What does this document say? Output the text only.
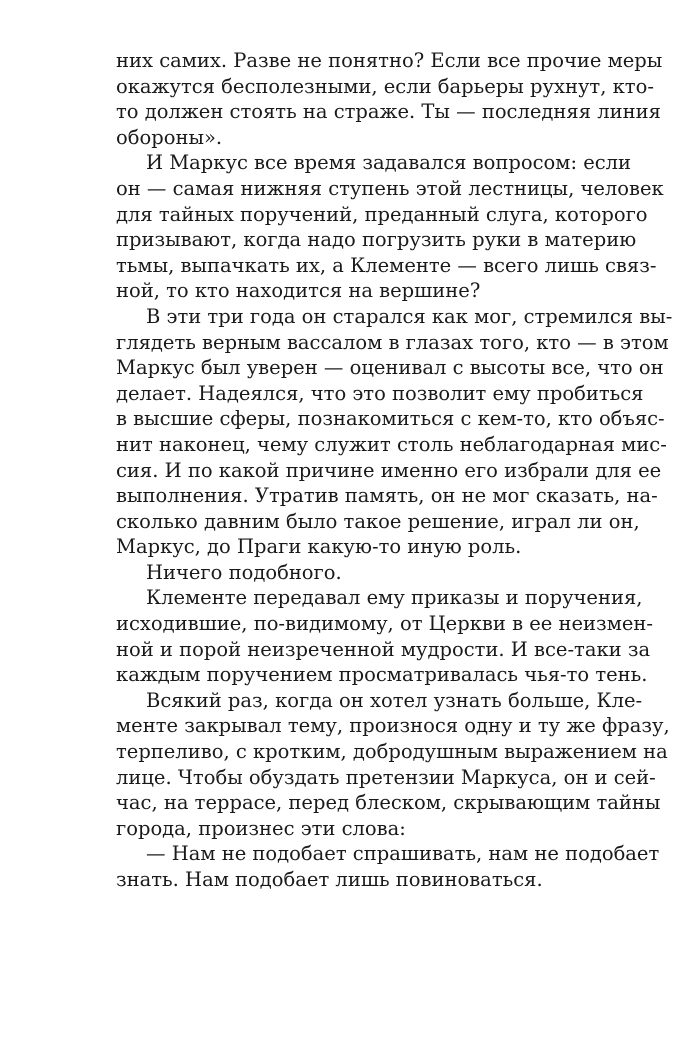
них самих. Разве не понятно? Если все прочие меры
окажутся бесполезными, если барьеры рухнут, кто-
то должен стоять на страже. Ты — последняя линия
обороны».
И Маркус все время задавался вопросом: если
он — самая нижняя ступень этой лестницы, человек
для тайных поручений, преданный слуга, которого
призывают, когда надо погрузить руки в материю
тьмы, выпачкать их, а Клементе — всего лишь связ-
ной, то кто находится на вершине?
В эти три года он старался как мог, стремился вы-
глядеть верным вассалом в глазах того, кто — в этом
Маркус был уверен — оценивал с высоты все, что он
делает. Надеялся, что это позволит ему пробиться
в высшие сферы, познакомиться с кем-то, кто объяс-
нит наконец, чему служит столь неблагодарная мис-
сия. И по какой причине именно его избрали для ее
выполнения. Утратив память, он не мог сказать, на-
сколько давним было такое решение, играл ли он,
Маркус, до Праги какую-то иную роль.
Ничего подобного.
Клементе передавал ему приказы и поручения,
исходившие, по-видимому, от Церкви в ее неизмен-
ной и порой неизреченной мудрости. И все-таки за
каждым поручением просматривалась чья-то тень.
Всякий раз, когда он хотел узнать больше, Клe-
менте закрывал тему, произнося одну и ту же фразу,
терпеливо, с кротким, добродушным выражением на
лице. Чтобы обуздать претензии Маркуса, он и сей-
час, на террасе, перед блеском, скрывающим тайны
города, произнес эти слова:
— Нам не подобает спрашивать, нам не подобает
знать. Нам подобает лишь повиноваться.
